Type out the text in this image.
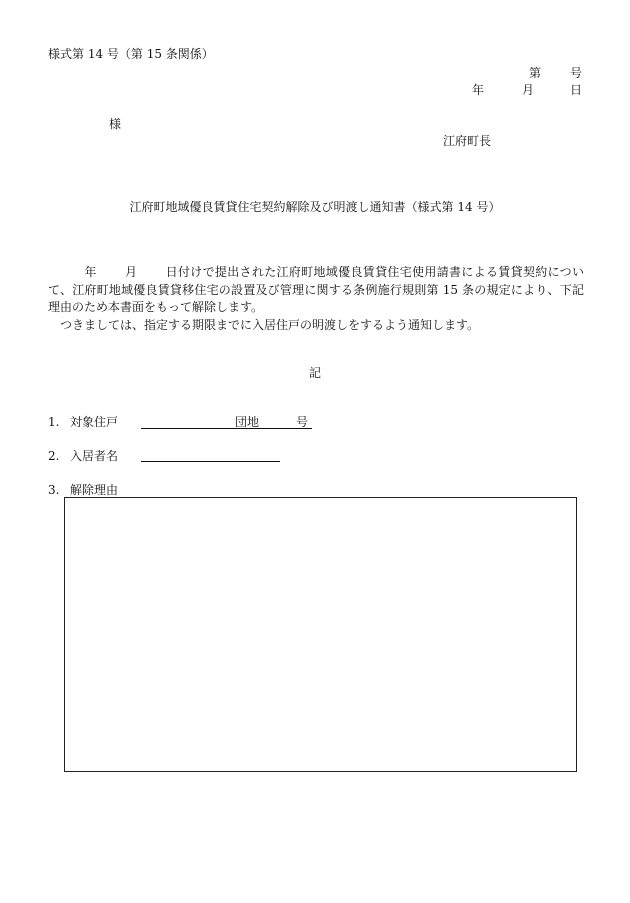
様式第 14 号（第 15 条関係）
第 号
年	月	日
様
江府町長
江府町地域優良賃貸住宅契約解除及び明渡し通知書（様式第 14 号）

年 月 日付けで提出された江府町地域優良賃貸住宅使用請書による賃貸契約について、江府町地域優良賃貸移住宅の設置及び管理に関する条例施行規則第 15 条の規定により、下記理由のため本書面をもって解除します。

つきましては、指定する期限までに入居住戸の明渡しをするよう通知します。

記
1. 対象住戸	団地	号
2. 入居者名
3. 解除理由
